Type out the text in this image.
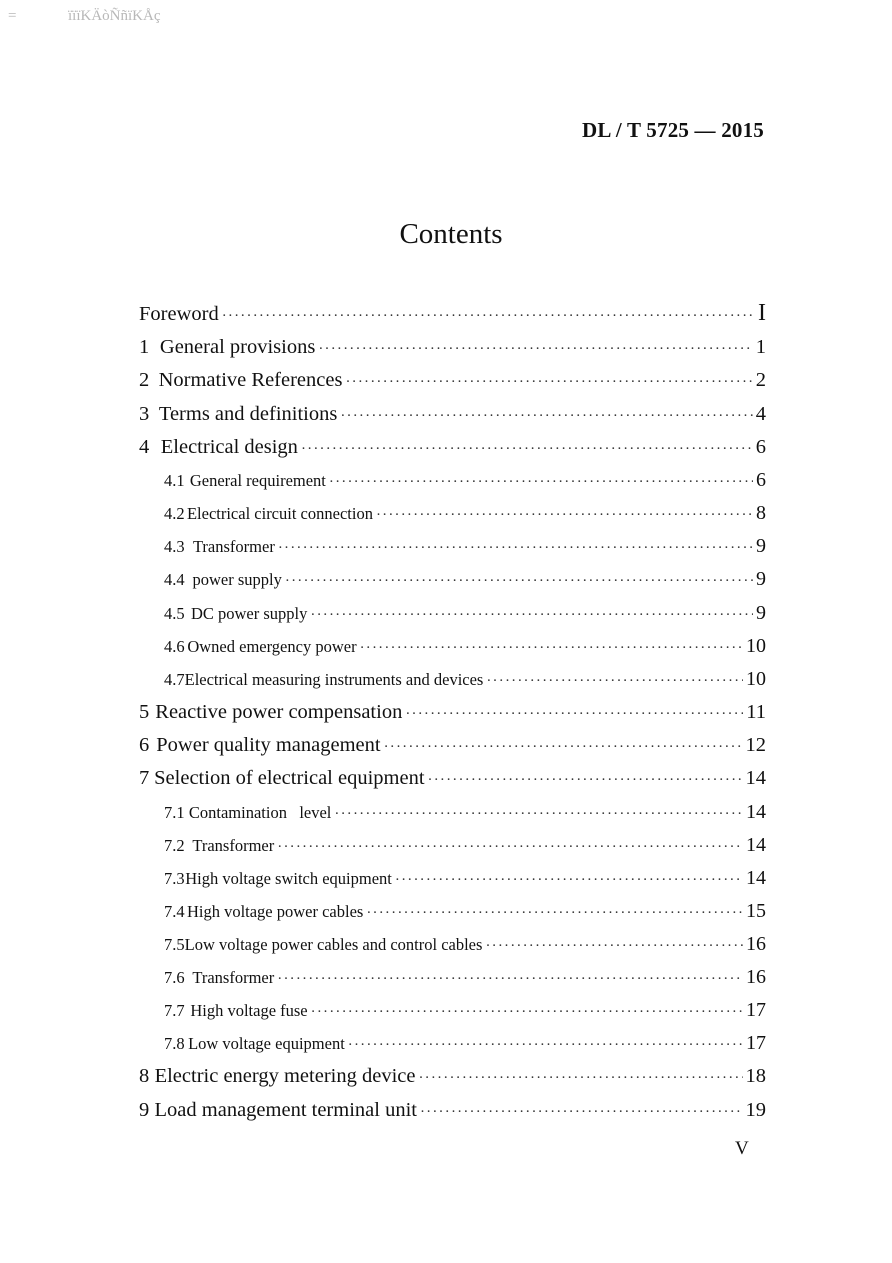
=	ïïïKÄòÑñïKÅç
DL / T 5725 — 2015
Contents
Foreword ·····	I
1 General provisions ·····	1
2 Normative References ·····	2
3 Terms and definitions ·····	4
4 Electrical design ·····	6
4.1 General requirement ·····	6
4.2 Electrical circuit connection ·····	8
4.3 Transformer ·····	9
4.4 power supply ·····	9
4.5 DC power supply ·····	9
4.6 Owned emergency power ·····	10
4.7 Electrical measuring instruments and devices ·····	10
5 Reactive power compensation ·····	11
6 Power quality management ·····	12
7 Selection of electrical equipment ·····	14
7.1 Contamination   level ·····	14
7.2 Transformer ·····	14
7.3 High voltage switch equipment ·····	14
7.4 High voltage power cables ·····	15
7.5 Low voltage power cables and control cables ·····	16
7.6 Transformer ·····	16
7.7 High voltage fuse ·····	17
7.8 Low voltage equipment ·····	17
8 Electric energy metering device ·····	18
9 Load management terminal unit ·····	19
V
